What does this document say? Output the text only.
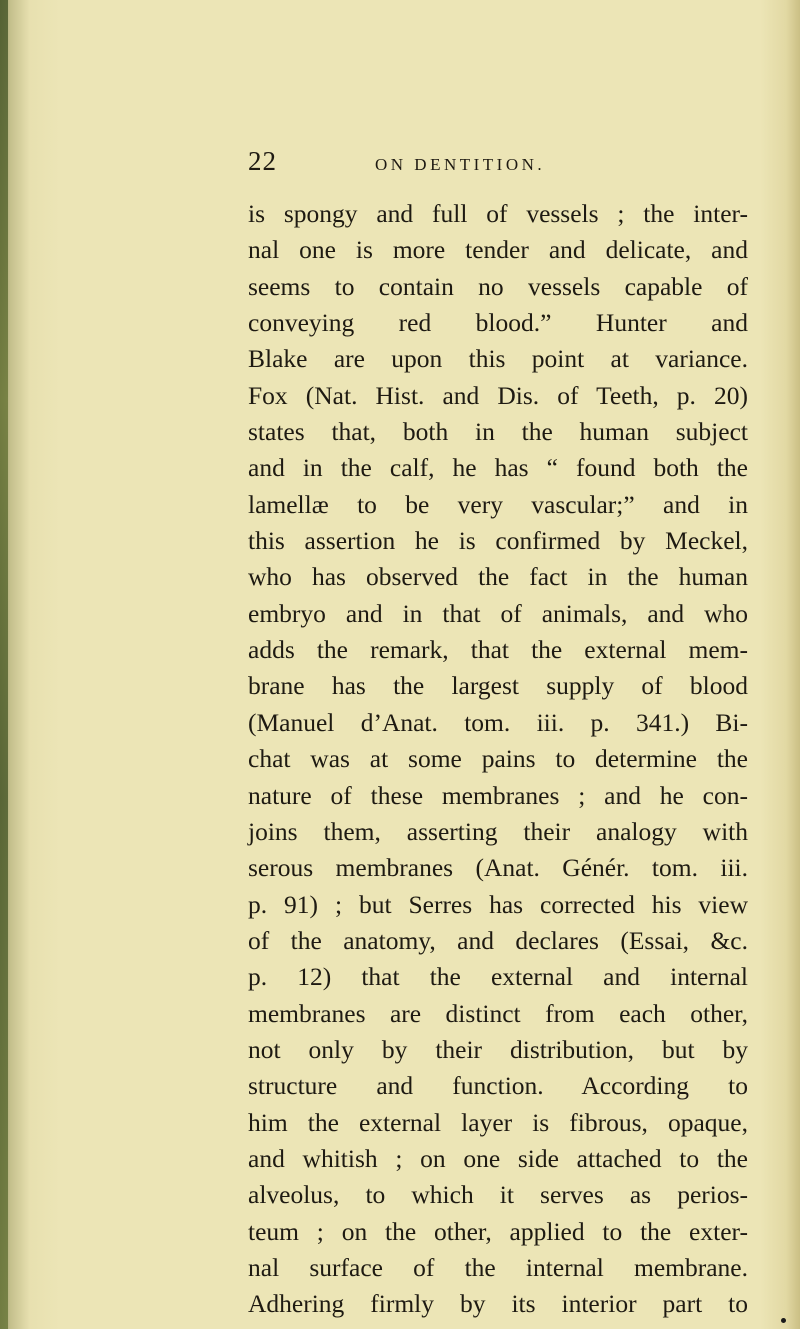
22	ON DENTITION.
is spongy and full of vessels ; the inter-
nal one is more tender and delicate, and
seems to contain no vessels capable of
conveying red blood.” Hunter and
Blake are upon this point at variance.
Fox (Nat. Hist. and Dis. of Teeth, p. 20)
states that, both in the human subject
and in the calf, he has “ found both the
lamellæ to be very vascular;” and in
this assertion he is confirmed by Meckel,
who has observed the fact in the human
embryo and in that of animals, and who
adds the remark, that the external mem-
brane has the largest supply of blood
(Manuel d’Anat. tom. iii. p. 341.) Bi-
chat was at some pains to determine the
nature of these membranes ; and he con-
joins them, asserting their analogy with
serous membranes (Anat. Génér. tom. iii.
p. 91) ; but Serres has corrected his view
of the anatomy, and declares (Essai, &c.
p. 12) that the external and internal
membranes are distinct from each other,
not only by their distribution, but by
structure and function. According to
him the external layer is fibrous, opaque,
and whitish ; on one side attached to the
alveolus, to which it serves as perios-
teum ; on the other, applied to the exter-
nal surface of the internal membrane.
Adhering firmly by its interior part to
